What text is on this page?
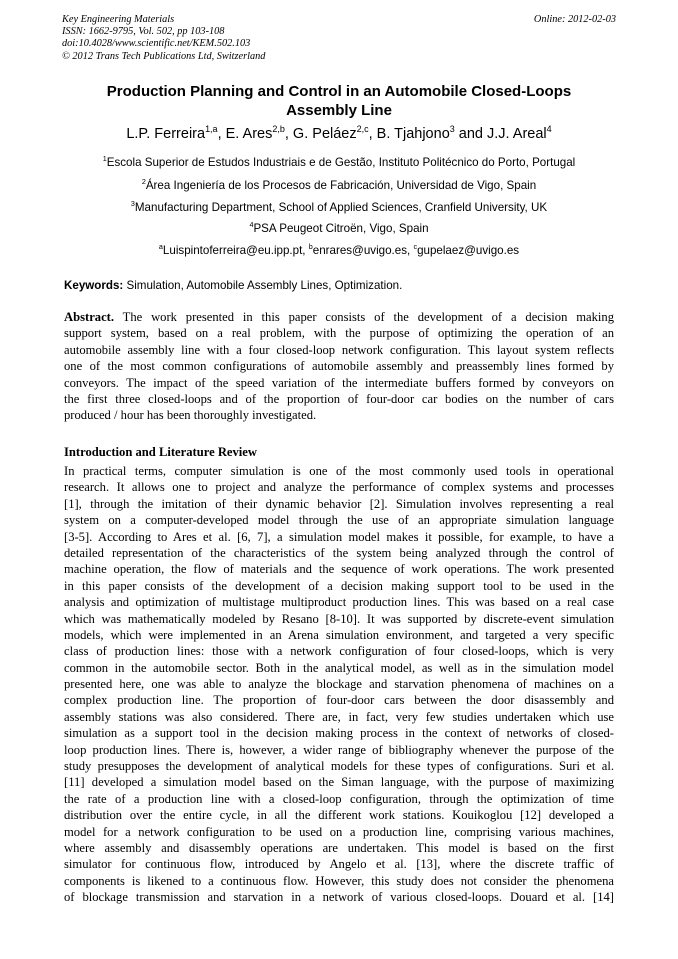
Key Engineering Materials
ISSN: 1662-9795, Vol. 502, pp 103-108
doi:10.4028/www.scientific.net/KEM.502.103
© 2012 Trans Tech Publications Ltd, Switzerland
Online: 2012-02-03
Production Planning and Control in an Automobile Closed-Loops
Assembly Line
L.P. Ferreira$^{1,a}$, E. Ares$^{2,b}$, G. Peláez$^{2,c}$, B. Tjahjono$^3$ and J.J. Areal$^4$
$^1$Escola Superior de Estudos Industriais e de Gestão, Instituto Politécnico do Porto, Portugal
$^2$Área Ingeniería de los Procesos de Fabricación, Universidad de Vigo, Spain
$^3$Manufacturing Department, School of Applied Sciences, Cranfield University, UK
$^4$PSA Peugeot Citroën, Vigo, Spain
$^a$Luispintoferreira@eu.ipp.pt, $^b$enrares@uvigo.es, $^c$gupelaez@uvigo.es
Keywords: Simulation, Automobile Assembly Lines, Optimization.
Abstract. The work presented in this paper consists of the development of a decision making
support system, based on a real problem, with the purpose of optimizing the operation of an
automobile assembly line with a four closed-loop network configuration. This layout system reflects
one of the most common configurations of automobile assembly and preassembly lines formed by
conveyors. The impact of the speed variation of the intermediate buffers formed by conveyors on
the first three closed-loops and of the proportion of four-door car bodies on the number of cars
produced / hour has been thoroughly investigated.
Introduction and Literature Review
In practical terms, computer simulation is one of the most commonly used tools in operational
research. It allows one to project and analyze the performance of complex systems and processes
[1], through the imitation of their dynamic behavior [2]. Simulation involves representing a real
system on a computer-developed model through the use of an appropriate simulation language
[3-5]. According to Ares et al. [6, 7], a simulation model makes it possible, for example, to have a
detailed representation of the characteristics of the system being analyzed through the control of
machine operation, the flow of materials and the sequence of work operations. The work presented
in this paper consists of the development of a decision making support tool to be used in the
analysis and optimization of multistage multiproduct production lines. This was based on a real case
which was mathematically modeled by Resano [8-10]. It was supported by discrete-event simulation
models, which were implemented in an Arena simulation environment, and targeted a very specific
class of production lines: those with a network configuration of four closed-loops, which is very
common in the automobile sector. Both in the analytical model, as well as in the simulation model
presented here, one was able to analyze the blockage and starvation phenomena of machines on a
complex production line. The proportion of four-door cars between the door disassembly and
assembly stations was also considered. There are, in fact, very few studies undertaken which use
simulation as a support tool in the decision making process in the context of networks of closed-
loop production lines. There is, however, a wider range of bibliography whenever the purpose of the
study presupposes the development of analytical models for these types of configurations. Suri et al.
[11] developed a simulation model based on the Siman language, with the purpose of maximizing
the rate of a production line with a closed-loop configuration, through the optimization of time
distribution over the entire cycle, in all the different work stations. Kouikoglou [12] developed a
model for a network configuration to be used on a production line, comprising various machines,
where assembly and disassembly operations are undertaken. This model is based on the first
simulator for continuous flow, introduced by Angelo et al. [13], where the discrete traffic of
components is likened to a continuous flow. However, this study does not consider the phenomena
of blockage transmission and starvation in a network of various closed-loops. Douard et al. [14]
